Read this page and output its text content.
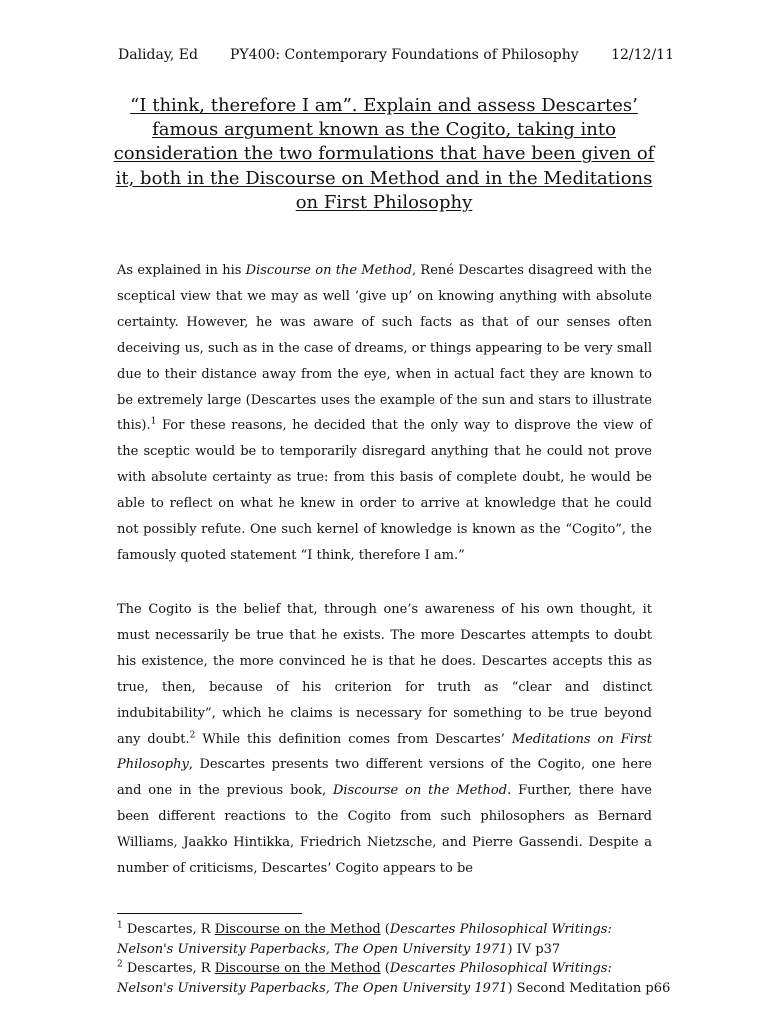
Daliday, Ed PY400: Contemporary Foundations of Philosophy 12/12/11
“I think, therefore I am”. Explain and assess Descartes’
famous argument known as the Cogito, taking into
consideration the two formulations that have been given of
it, both in the Discourse on Method and in the Meditations
on First Philosophy
As explained in his Discourse on the Method, René Descartes disagreed with the sceptical view that we may as well ‘give up’ on knowing anything with absolute certainty. However, he was aware of such facts as that of our senses often deceiving us, such as in the case of dreams, or things appearing to be very small due to their distance away from the eye, when in actual fact they are known to be extremely large (Descartes uses the example of the sun and stars to illustrate this).$^1$ For these reasons, he decided that the only way to disprove the view of the sceptic would be to temporarily disregard anything that he could not prove with absolute certainty as true: from this basis of complete doubt, he would be able to reflect on what he knew in order to arrive at knowledge that he could not possibly refute. One such kernel of knowledge is known as the “Cogito”, the famously quoted statement “I think, therefore I am.”
The Cogito is the belief that, through one’s awareness of his own thought, it must necessarily be true that he exists. The more Descartes attempts to doubt his existence, the more convinced he is that he does. Descartes accepts this as true, then, because of his criterion for truth as “clear and distinct indubitability”, which he claims is necessary for something to be true beyond any doubt.$^2$ While this definition comes from Descartes’ Meditations on First Philosophy, Descartes presents two different versions of the Cogito, one here and one in the previous book, Discourse on the Method. Further, there have been different reactions to the Cogito from such philosophers as Bernard Williams, Jaakko Hintikka, Friedrich Nietzsche, and Pierre Gassendi. Despite a number of criticisms, Descartes’ Cogito appears to be

$^1$ Descartes, R Discourse on the Method (Descartes Philosophical Writings:
Nelson's University Paperbacks, The Open University 1971) IV p37

$^2$ Descartes, R Discourse on the Method (Descartes Philosophical Writings:
Nelson's University Paperbacks, The Open University 1971) Second Meditation p66
